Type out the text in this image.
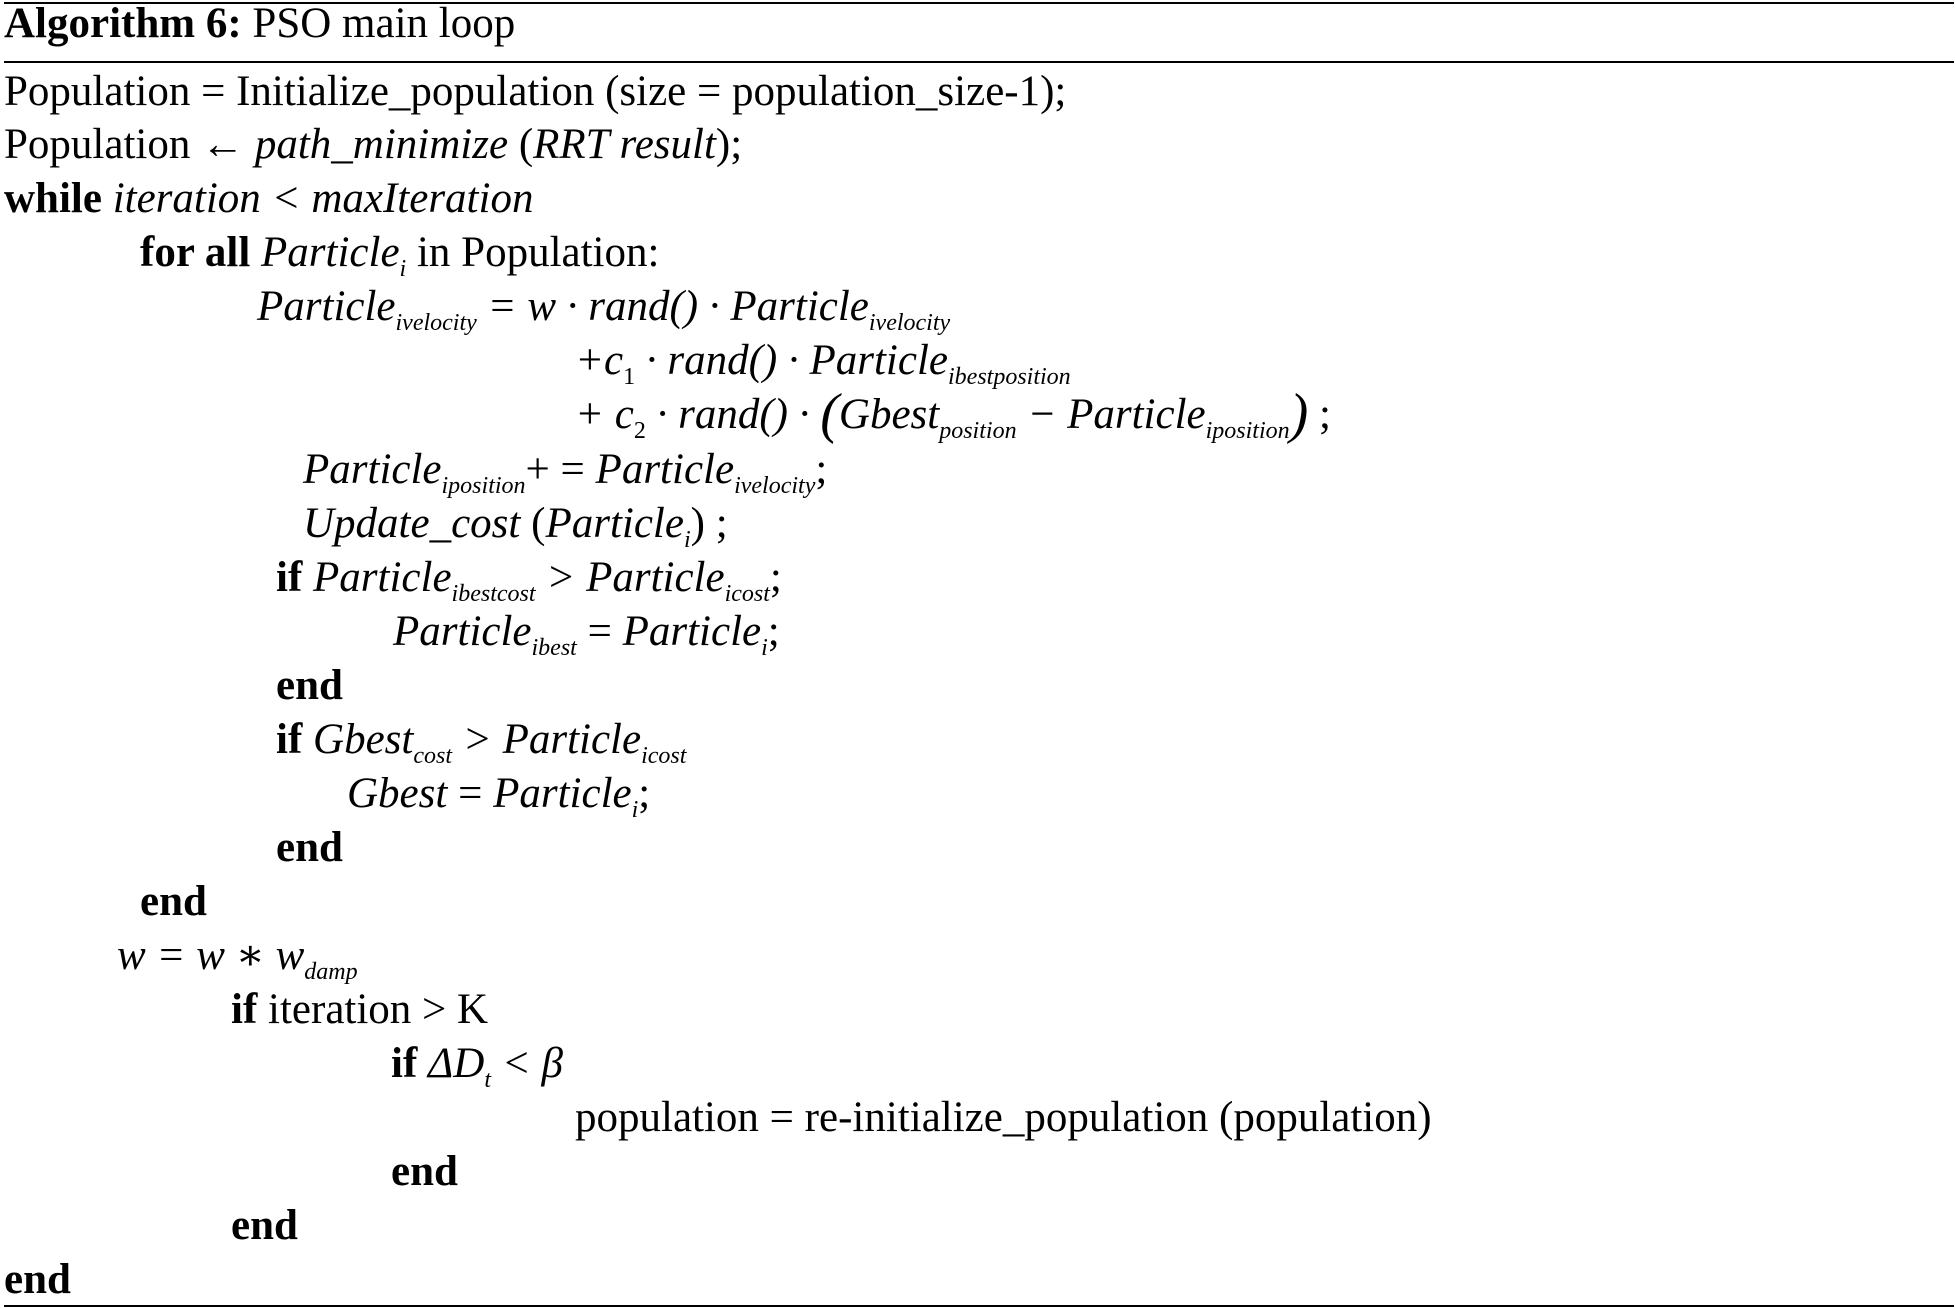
Algorithm 6: PSO main loop
Population = Initialize_population (size = population_size-1);
Population ← path_minimize (RRT result);
while iteration < maxIteration
for all Particle$_i$ in Population:
Particle$_{ivelocity}$ = w · rand() · Particle$_{ivelocity}$
$+c_1$ · rand() · Particle$_{ibestposition}$
+ $c_2$ · rand() · (Gbest$_{position}$ − Particle$_{iposition}$) ;
Particle$_{iposition}$+ = Particle$_{ivelocity}$;
Update_cost (Particle$_i$) ;
if Particle$_{ibestcost}$ > Particle$_{icost}$;
Particle$_{ibest}$ = Particle$_i$;
end
if Gbest$_{cost}$ > Particle$_{icost}$
Gbest = Particle$_i$;
end
end
w = w ∗ $w_{damp}$
if iteration > K
if $\Delta D_t < \beta$
population = re-initialize_population (population)
end
end
end
